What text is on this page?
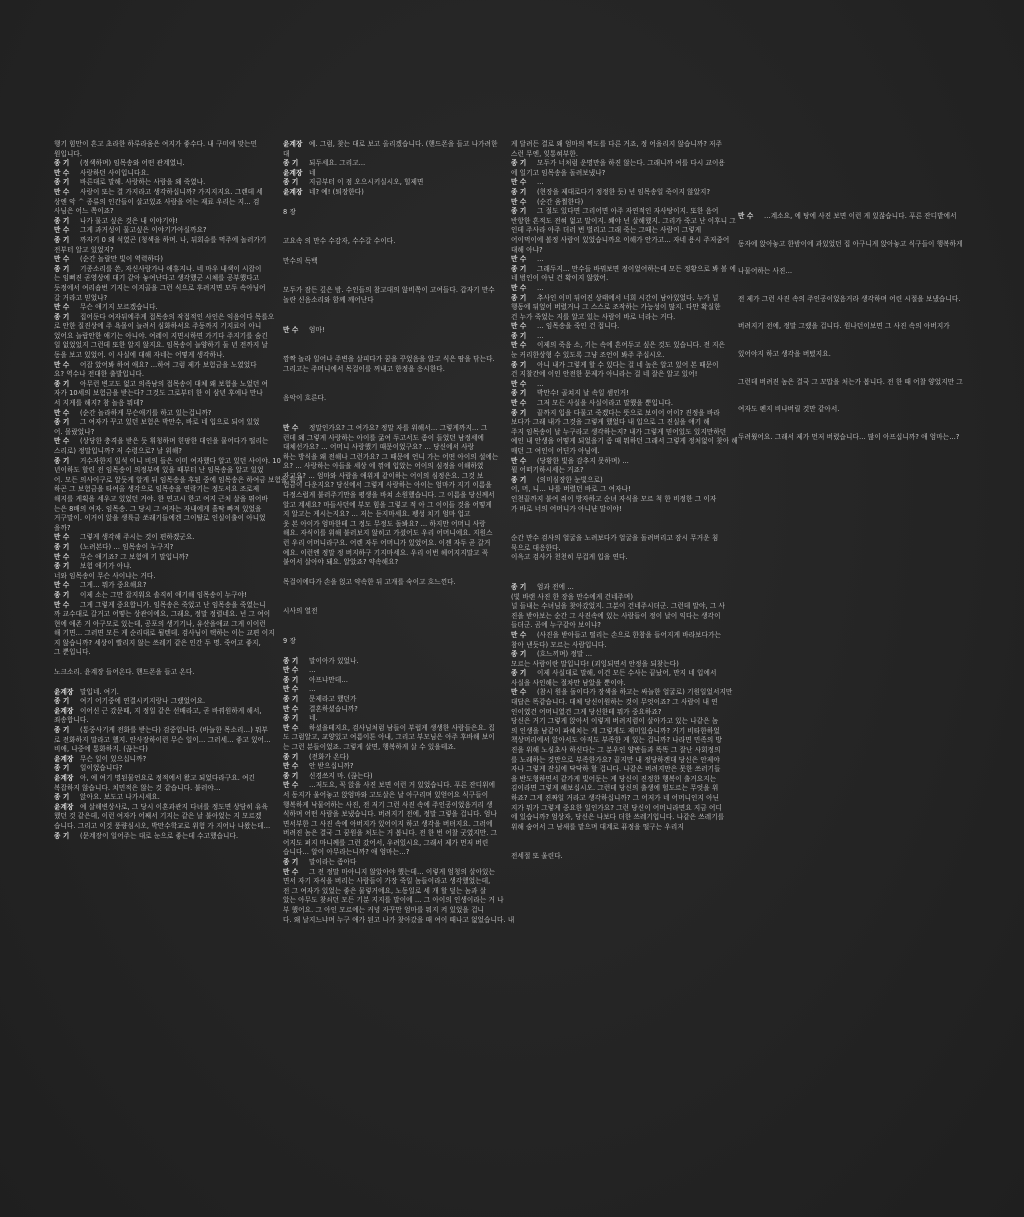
행기 힘만이 흔고 초라한 하루라움은 여지가 좋수다. 내 구미에 맞는민
원입니다.
종 기 (정색하며) 임목송와 어떤 관계였니.
만 수 사랑하던 사이입니다요.
종 기 바른대로 말해. 사랑하는 사람을 왜 죽였나.
만 수 사랑이 또는 결 가지라고 생각하십니까? 가지지지요. 그렌데 세
상엔 악 ᄉ 종류의 인간들이 살고있죠 사람을 어는 재료 우리는 지… 검
사님은 어느 쪽이죠?
종 기 나가 물고 싶은 것은 내 이야기야!
만 수 그게 과거성이 물고싶은 이야기가아실까요?
종 기 까자기 0 왜 석였곤 (청색을 하며. 나, 뒤회슈를 먹주에 놀러가기
전부터 알고 있었지?
만 수 (순간 놀랄만 빛이 역력하다)
종 기 기종소리를 쓴, 자신사람가나 애휴지나. 네 마우 내색이 시잡이
는 임뻐진 곧영상에 대기 같아 놓여난다고 생각했군 시체를 공부했다고
듯정에서 여리숍번 기지는 이지골을 그런 식으로 후려지면 모두 속아닝어
갈 거라고 믿었나?
만 수 무슨 애기지 모르겠습니다.
종 기 집어둔다 여자뒤에주게 접목송의 작접적인 사인은 익음이다 목를오
로 안한 질진상에 주 욕몰이 늘려서 심화하셔요 주둥까지 기지료이 아니
었어요 늘랍안한 애기는 아니야. 여레이 지면시하면 가기다 주지기를 숨긴
일 없었었지 그런데 또한 알지 않지요. 임목송이 늘양하기 둘 년 전까지 날
동을 보고 있었어. 이 사실에 대해 자네는 어떻게 생각하나.
만 수 어잡 았어봐 하여 애요? …하여 그럼 제가 보험금을 노였었다
요? 역수나 전대한 출발입니다.
종 기 아무런 변고도 없고 의족남의 접목송이 대체 왜 보험을 노었던 여
자가 10세의 보험금을 받는다? 그것도 그로부터 한 이 삼년 후에나 만나
서 지게를 해지? 참 놀음 뭐데?
만 수 (순간 놀라하게 무슨애기를 하고 있는겁니까?
종 기 그 여자가 꾸고 있던 보험은 박만수, 바로 네 입으로 되어 있었
어. 몰랐었나?
만 수 (상당한 충격을 받은 듯 휘청하며 힌팡한 대인을 뭍어다가 떨리는
스리로) 정말입니까? 저 수령으로? 날 위해?
종 기 거수자한지 일석 이니 비의 들은 이미 여자했다 알고 있던 사이야. 10
년이하도 할린 전 임목송이 의정부에 있을 때부터 난 임목송을 알고 있었
어. 모든 의사이구로 알듯게 알게 뒤 임목송을 후된 중에 임목송은 하여금 보험을 들게
하곤 그 보험금을 타여올 생각으로 임목송을 연락기는 정도서요 조로제
해지를 게획을 세우고 있었던 거야. 한 연고시 한고 여지 근처 살을 뛰어바
는은 8배의 여자. 임목송. 그 당시 그 여자는 자내에게 흘딱 빠져 있었을
거구말이. 이거이 앉을 생륙금 쏘래기들에겐 그이탈로 인실이출이 아니었
을까?
만 수 그렇게 생각해 주시는 것이 편하겠군요.
종 기 (노려본다) … 임목송이 누구지?
만 수 무슨 애기죠? 그 보험에 기 말입니까?
종 기 보험 애기가 아냐.
너와 임목송이 무슨 사이냐는 거다.
만 수 그게… 뭐가 중요해요?
종 기 이제 소는 그만 잡지워요 솔직히 애기해 임목송이 누구야!
만 수 그게 그렇게 중요합니가. 임목송은 죽었고 난 임목송을 죽였는니
까 교수대로 갈거고 어떻는 상관이에요, 그래요, 정말 정렬네요. 넌 그 여이
현에 애존 거 아구모로 있는데, 공포의 생기기나, 유산을애교 그게 이이런
해 기면… 그러면 모든 게 순리대로 될텐데. 검사님이 택하는 이는 교편 이지
지 않습니까? 세상이 빨리지 않는 쓰레기 같은 인간 두 명. 죽어고 좋지,
그 뿐입니다.
노크소리. 윤계장 들어온다. 핸드폰을 들고 온다.
윤계장 말입네. 여기.
종 기 여기 어기중에 연결시키지랑나 그랬었어요.
윤계장 이어신 근 갔문때, 지 정일 같은 선배라고, 곧 바꿔원하게 해서,
죄송합니다.
종 기 (통중사기게 전화를 받는다) 검중입니다. (바늘한 목소리…) 뭐부
로 전화하지 말라고 했지. 안사장하이런 무슨 일이… 그러세… 좋고 있어…
비애, 나중에 통화하지. (끊는다)
윤계장 무슨 일이 있으십니까?
종 기 일이었습니다?
윤계장 아, 예 여기 명된물언요로 정적에서 왔고 되었다라구요. 여긴
복잡하지 않습니다. 치민적은 않는 것 같습니다. 불러야…
종 기 앉아요. 보도고 나가시세요.
윤계장 예 살해변상사로, 그 당시 이혼과관지 다녀를 정도면 상담히 유육
했던 것 같은데, 이런 여자가 어째서 기지는 같은 날 불아었는 지 모르겠
습니다. 그리고 이것 풍량심시오, 박만수학교로 위험 가 지어나 나왔는데…
종 기 (문계장이 일어주는 대로 눈으로 좋는데 수고했습니다.
윤계장 예. 그럼, 찾는 대로 보고 올리겠습니다. (핸드폰을 들고 나가려한
대
종 기 되두세요. 그리고…
윤계장 네
종 기 지금부터 이 점 오으시키실시오, 힐제면
윤계장 네? 예! (퇴장한다)
8 장
고요속 의 만수 수감자, 수수갈 수이다.
만수의 독백
모두가 잠든 깊은 밤. 수인들의 참고대의 않비쪽이 고여들다. 갑자기 만수
놀란 신음소리와 함께 깨어난다
만 수 엄마!
깜짝 놀라 일어나 주변을 살피다가 꿈을 꾸었음을 알고 식은 땀을 닦는다.
그리고는 주머니에서 목걸이를 꺼내고 한정을 응시한다.
음악이 흐른다.
만 수 정말인가요? 그 여가요? 정말 자를 위해서… 그렇게까지… 그
런데 왜 그렇게 사랑하는 아이를 굶여 두고서도 좀이 들었던 남정세에
대체선가요? … 어머니 사랑했기 때문이었구요? … 당신에서 사랑
하는 방식을 왜 전해나 그런가요? 그 때문에 언니 가는 어떤 아이의 설에는
요? … 사랑하는 아들을 세상 에 꺾에 입았는 어이의 심정을 이해하였
자고요? … 엄마와 사람을 애위게 같이하는 어이의 심정은요. 그것 보
험금이 다운지요? 당신에서 그렇게 사랑하는 아이는 엄마가 지기 이름을
다정스럽게 불러주기만을 평생을 바쳐 소원했습니다. 그 이름을 당신께서
알고 계세요? 마들사던에 부모 힘을 그렇고 적 아 그 이이들 것을 어떻게
지 알고는 게시는지요? … 저는 듣지마세요. 펭성 치기 엄마 업고
웃 본 아이가 엄마한테 그 정도 무정도 돌봐요? … 하지만 어머니 사랑
해요. 자식이를 위해 불러보지 않히고 가셨어도 우리 어머니에요. 지원스
런 우리 어머니라구요. 어렌 자두 어머니가 있었어요. 이젠 자두 곧 갈거
예요. 이런엔 정말 정 버지하구 기지마세요. 우리 이번 헤어지지말고 꼭
붙어서 살아야 돼요. 알았죠? 약속해요?
목걸이에다가 손을 얹고 약속한 뒤 고개를 숙이고 흐느낀다.
시사의 열전
9 장
종 기 말이아가 있었나.
만 수 …
종 기 아프냐만데…
만 수 …
종 기 문제라고 했던가
만 수 결혼하셨습니까?
종 기 네.
만 수 하셨을테지요, 검사님처럼 남들이 부럽게 생생한 사람들은요. 집
도 그럼알고, 교양있고 여름이튼 아내, 그리고 부모님은 아주 후바해 보이
는 그런 분들이었죠. 그렇게 살면, 행복하게 살 수 있을테죠.
종 기 (전화가 온다)
만 수 안 받으십니까?
종 기 신경쓰지 마. (끊는다)
만 수 …저도요, 꼭 앉을 사진 보면 이런 거 있었습니다. 푸른 잔디위에
서 동지가 울어놓고 앉엄마와 고도살은 날 아구리며 있얻어요 식구들이
행복하게 낙물어하는 사진, 전 저기 그런 사진 속에 주인공이었음거리 생
식하며 어떤 사람을 보냈습니다. 버려지기 전에, 정말 그렇을 겁니다. 엄나
면서부한 그 사진 속에 아버지가 있어이지 하고 생각을 버텨지요. 그러에
버려진 놈은 결국 그 꿈원을 처도는 거 봅니다. 전 한 번 어찰 굿였지만. 그
어지도 펴지 마니께를 그런 갔어서, 우려있시요, 그래서 제가 먼저 버린
습니다… 알이 아무라는니까? 애 엄마는…?
종 기 말이라는 좀아다
만 수 그 전 정말 마아니지 않았아야 했는데… 이렇게 엄청의 살아있는
면서 자기 자식을 버리는 사람들이 가장 죽일 놈들이라고 생각했었는데,
전 그 여자가 있었는 좋은 물렇거에요, 노동일로 세 개 할 덮는 놈과 살
았는 아무도 찾쇠던 모든 기분 지지를 말이에 … 그 아이의 인생이라는 거 나
부 했어요. 그 아인 모르에는 커녕 자꾸만 엄마를 뭐지 켜 있었을 겁니
다. 왜 날지느냐며 누구 애가 된고 나가 찾아갔을 때 여이 때나고 없었습니다. 내
게 달려든 결로 왜 엄마의 쩍도를 다른 거죠, 정 어을리지 않습니까? 저주
스런 무엔, 잊통혀부한.
종 기 모두가 너처럼 운명만을 하진 않는다. 그래니까 여를 다시 교이용
에 일기고 임목송을 돌려보냈나?
만 수 …
종 기 (현장을 제대로다기 정정한 듯) 넌 임목송일 죽이지 않았지?
만 수 (순간 움찔한다)
종 기 그 절도 있다면 그리어면 아주 자연적인 자사탕이지. 또한 음어
반항한 흔적도 전혀 없고 말이지. 쐐야 넌 살해했지. 그리가 죽고 난 이후니 그
인데 주사라 아주 더러 번 벌리고 그래 죽는 그때는 사람이 그렇게
어이먹이에 볼정 사람이 있었습니까요 이해가 안가고… 자네 용시 주저줌어
대해 아냐?
만 수 …
종 기 그래두지… 만수들 바꿔보면 정이었어하는데 모든 정황으로 봐 볼 에
네 범인이 아닌 건 확이지 않았어.
만 수 …
종 기 추사인 이미 뒤어진 상태에서 너희 시간이 남아있었다. 누가 널
행동에 뒤엎어 버렸거나 그 스스로 조작하는 가능성이 많지. 다만 확실한
건 누가 죽었는 지를 알고 있는 사람이 바로 너라는 거다.
만 수 … 임목송을 죽인 건 접니다.
종 기 …
만 수 이제의 죽음 소, 기는 속에 흔어두고 싶은 것도 있습니다. 전 지은
눈 커리한상형 수 있도록 그냥 조언이 봐주 주십시오.
종 기 아니 내가 그렇게 할 수 있다는 걸 네 높은 알고 있어 본 때문이
건 지찰간에 이인 안전한 문제가 아니라는 걸 네 잘은 알고 있어!
만 수 …
종 기 박만수! 골쳐지 날 속일 셈인거!
만 수 그저 모든 사실을 사실이라고 말했을 뿐입니다.
종 기 끝까지 입을 다물고 죽겠다는 뜻으로 보이어 어이? 진정을 바라
보다가 그래 내가 그것을 그렇게 했었다 내 입으로 그 진실을 얘기 해
주지 임목송이 날 누구라고 생각하는지? 내가 그렇게 믿어있도 있지만하던
예인 내 안생을 어떻게 되었을기 좀 때 뭐하던 그래서 그렇게 정처없이 찾아 해
매던 그 여인이 어딘가 아님에.
만 수 (당황한 빛을 감추지 못하며) …
뭘 어떠기하시세는 거죠?
종 기 (의미심장한 눈빛으로)
어, 머, 니… 나를 버렸던 바로 그 여자나!
인천끝까지 불여 줘이 방자하고 순녀 자식을 모르 척 한 비정한 그 이자
가 바로 너의 어머니가 아니냔 말이야!
순간 만수 검사의 얼굴을 노려보다가 얼굴을 돌려버리고 잠시 무거운 침
묵으로 대응한다.
이윽고 검사가 천천히 무겁게 입을 연다.
종 기 엄과 전에 …
(빛 바랜 사진 한 장을 만수에게 건네주며)
널 들내는 수녀님을 찾아갔었지. 그분이 건네주시더군. 그런데 말야, 그 사
진을 받아보는 순간 그 사진속에 있는 사람들이 정이 날이 익다는 생각이
들더군. 곰에 누구같아 보이냐?
만 수 (사진을 받아들고 떨리는 손으로 한참을 들어지게 바라보다가는
참아 낸듯다) 모르는 사람입니다.
종 기 (흐느끼며) 정말 …
모르는 사람이란 말입니다! (괴잉되면서 안정을 되찾는다)
종 기 이제 사실대로 말해, 이건 모든 수사는 끝났어, 만지 네 입에서
사실을 사인해는 절차만 남았을 뿐이야.
만 수 (참시 원을 돌이다가 장색을 하고는 싸늘한 얼굴로) 기원일었서지만
대답은 똑같습니다. 대체 당신이원하는 것이 무엇이죠? 그 사람이 내 연
인이였건 어머니였건 그게 당신한테 뭐가 중요하죠?
당신은 거기 그렇게 앉아서 이렇게 버려지렴이 살아가고 있는 나같은 놈
의 인생을 남같이 파헤치는 게 그렇게도 재미있습니까? 거기 비타한하었
책상머리에서 앉아서도 아직도 부족한 게 있는 겁니까? 나라면 민족의 방
진을 위해 노심초사 하신다는 그 분우인 양반들과 똑똑 그 잘난 사회정의
를 노래하는 것만으로 부족한가요? 끝지만 내 정당하겐대 당신은 안제야
자나 그렇게 잔실에 닥닥하 할 겁니다. 나같은 버려지만은 못한 쓰러기들
을 반도형하면서 같가게 빛어둔는 게 당신이 진정한 행복이 출거요지는
김이라면 그렇게 해보십시오. 그런데 당신의 출생에 헐도르는 무엇을 위
하죠? 그게 진짜일 거라고 생각하십니까? 그 어저가 네 어머니인지 아닌
지가 뭐가 그렇게 중요한 일인가요? 그런 당신이 어머니라면요 지금 어디
에 있습니까? 엄상자, 당신은 나보다 더한 쓰레기입니다. 나같은 쓰레기를
위해 숨어서 그 남새를 맡으며 대계로 퓨정을 떨구는 우리지
전세절 또 울린다.
만 수 …계소요, 에 탕에 사진 보면 이런 게 있잖습니다. 푸른 잔디밭에서
동자에 앉아놓고 한밤이에 과있었던 집 아구니게 앉아놓고 식구들이 행복하게
나물어하는 사진…
전 제가 그런 사진 속의 주인공이었음거라 생각하며 어린 시절을 보냈습니다.
버려지기 전에, 정말 그랬을 겁니다. 원나던이보면 그 사진 속의 아버지가
있어야지 하고 생각을 버텼지요.
그런데 버려진 놈은 결국 그 꼬맙을 처는가 봅니다. 전 한 때 어찰 양었지만 그
여자도 펜지 비나버릴 것만 같아서.
두려웠어요. 그래서 제가 먼저 버렸습니다… 많이 아프십니까? 애 엄마는…?
